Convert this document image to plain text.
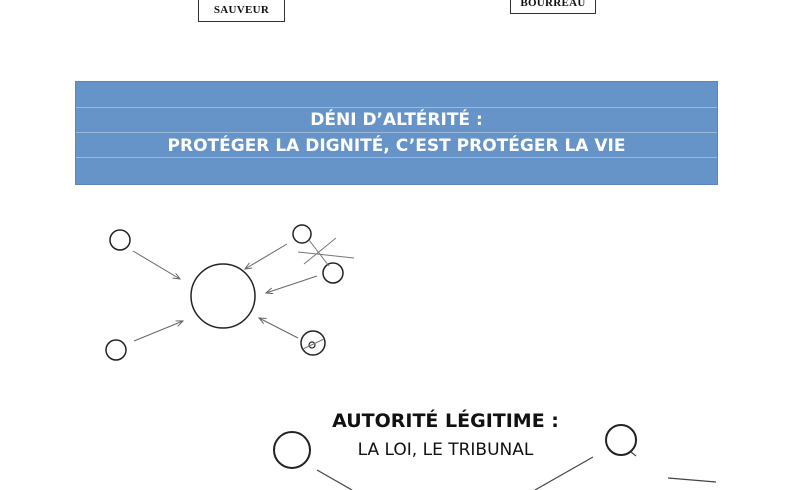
SAUVEUR
BOURREAU
DÉNI D’ALTÉRITÉ :
PROTÉGER LA DIGNITÉ, C’EST PROTÉGER LA VIE
AUTORITÉ LÉGITIME :
LA LOI, LE TRIBUNAL
